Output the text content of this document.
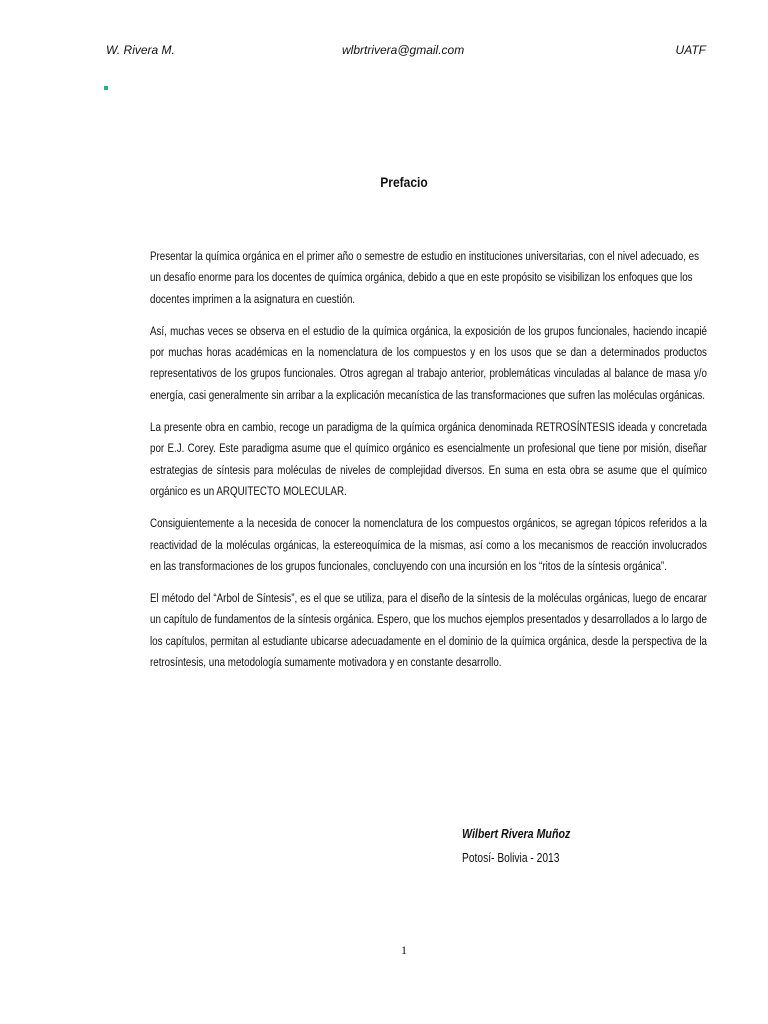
W. Rivera M.	wlbrtrivera@gmail.com	UATF
Prefacio

Presentar la química orgánica en el primer año o semestre de estudio en instituciones universitarias, con el nivel adecuado, es un desafío enorme para los docentes de química orgánica, debido a que en este propósito se visibilizan los enfoques que los docentes imprimen a la asignatura en cuestión.

Así, muchas veces se observa en el estudio de la química orgánica, la exposición de los grupos funcionales, haciendo incapié por muchas horas académicas en la nomenclatura de los compuestos y en los usos que se dan a determinados productos representativos de los grupos funcionales. Otros agregan al trabajo anterior, problemáticas vinculadas al balance de masa y/o energía, casi generalmente sin arribar a la explicación mecanística de las transformaciones que sufren las moléculas orgánicas.

La presente obra en cambio, recoge un paradigma de la química orgánica denominada RETROSÍNTESIS ideada y concretada por E.J. Corey. Este paradigma asume que el químico orgánico es esencialmente un profesional que tiene por misión, diseñar estrategias de síntesis para moléculas de niveles de complejidad diversos. En suma en esta obra se asume que el químico orgánico es un ARQUITECTO MOLECULAR.

Consiguientemente a la necesida de conocer la nomenclatura de los compuestos orgánicos, se agregan tópicos referidos a la reactividad de la moléculas orgánicas, la estereoquímica de la mismas, así como a los mecanismos de reacción involucrados en las transformaciones de los grupos funcionales, concluyendo con una incursión en los “ritos de la síntesis orgánica”.

El método del “Arbol de Síntesis”, es el que se utiliza, para el diseño de la síntesis de la moléculas orgánicas, luego de encarar un capítulo de fundamentos de la síntesis orgánica. Espero, que los muchos ejemplos presentados y desarrollados a lo largo de los capítulos, permitan al estudiante ubicarse adecuadamente en el dominio de la química orgánica, desde la perspectiva de la retrosíntesis, una metodología sumamente motivadora y en constante desarrollo.

Wilbert Rivera Muñoz
Potosí- Bolivia - 2013
1
